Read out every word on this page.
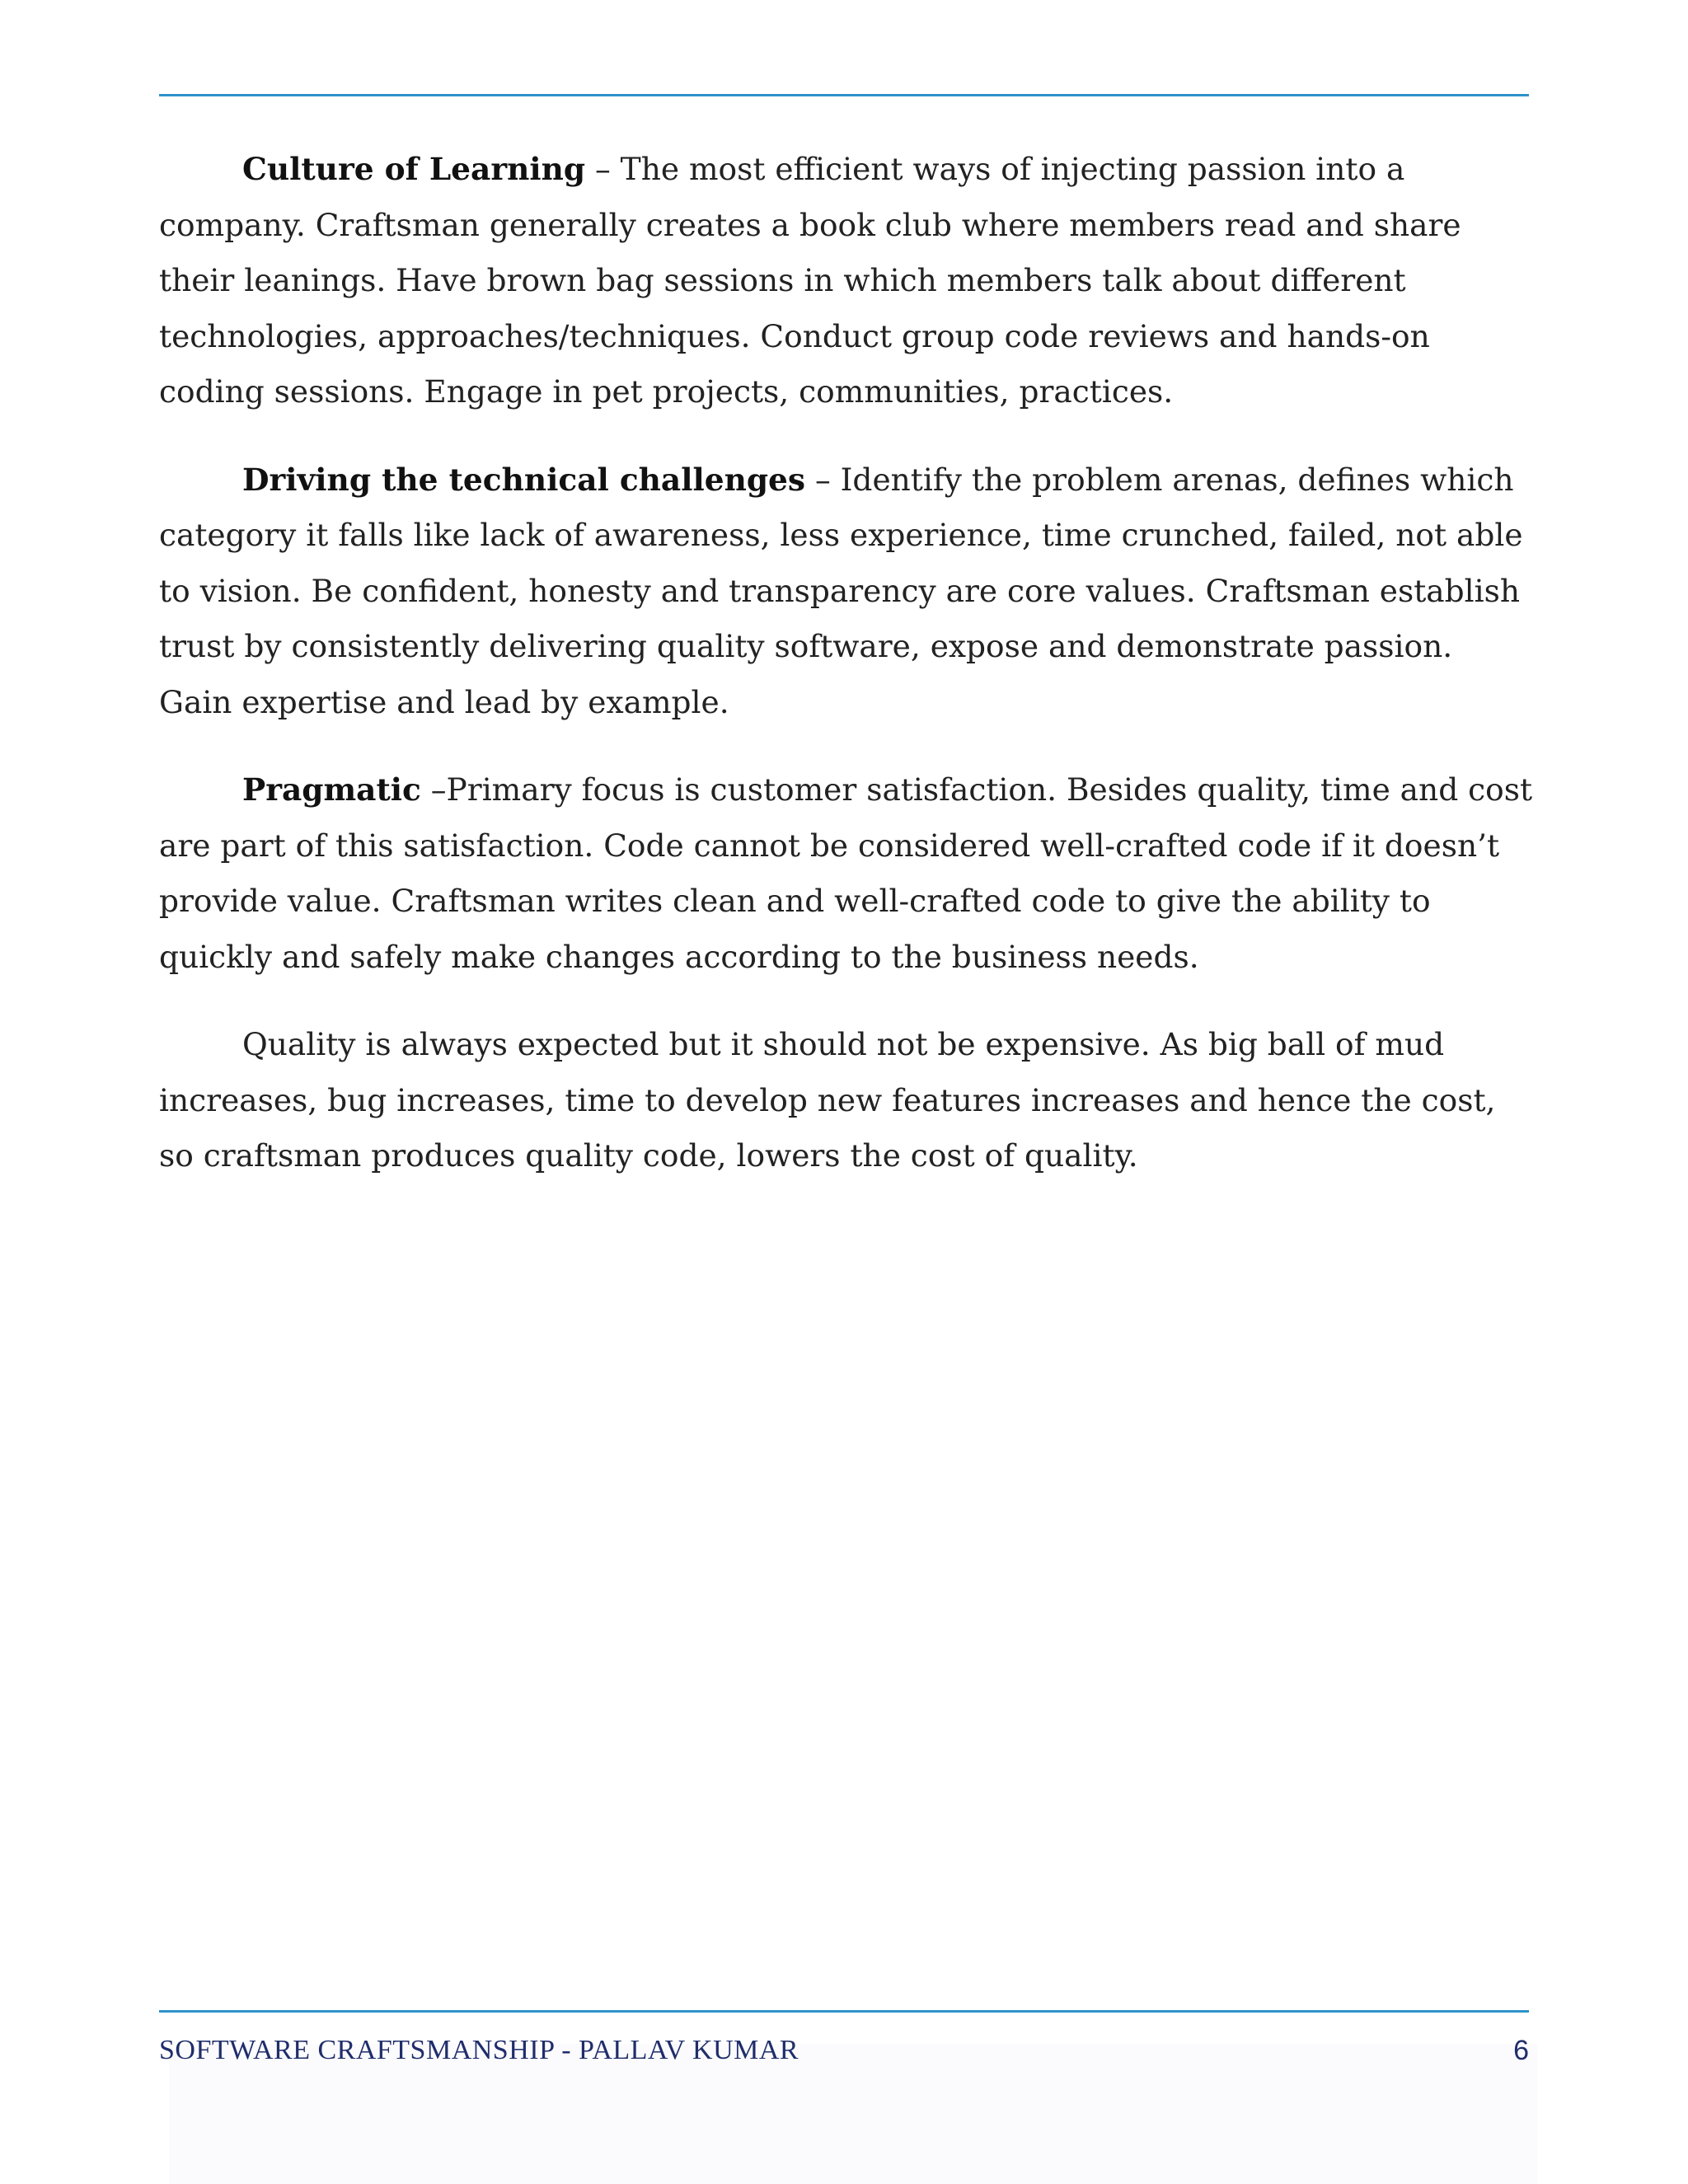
Culture of Learning – The most efficient ways of injecting passion into a company. Craftsman generally creates a book club where members read and share their leanings. Have brown bag sessions in which members talk about different technologies, approaches/techniques. Conduct group code reviews and hands-on coding sessions. Engage in pet projects, communities, practices.

Driving the technical challenges – Identify the problem arenas, defines which category it falls like lack of awareness, less experience, time crunched, failed, not able to vision. Be confident, honesty and transparency are core values. Craftsman establish trust by consistently delivering quality software, expose and demonstrate passion. Gain expertise and lead by example.

Pragmatic –Primary focus is customer satisfaction. Besides quality, time and cost are part of this satisfaction. Code cannot be considered well-crafted code if it doesn’t provide value. Craftsman writes clean and well-crafted code to give the ability to quickly and safely make changes according to the business needs.

Quality is always expected but it should not be expensive. As big ball of mud increases, bug increases, time to develop new features increases and hence the cost, so craftsman produces quality code, lowers the cost of quality.

SOFTWARE CRAFTSMANSHIP - PALLAV KUMAR	6
